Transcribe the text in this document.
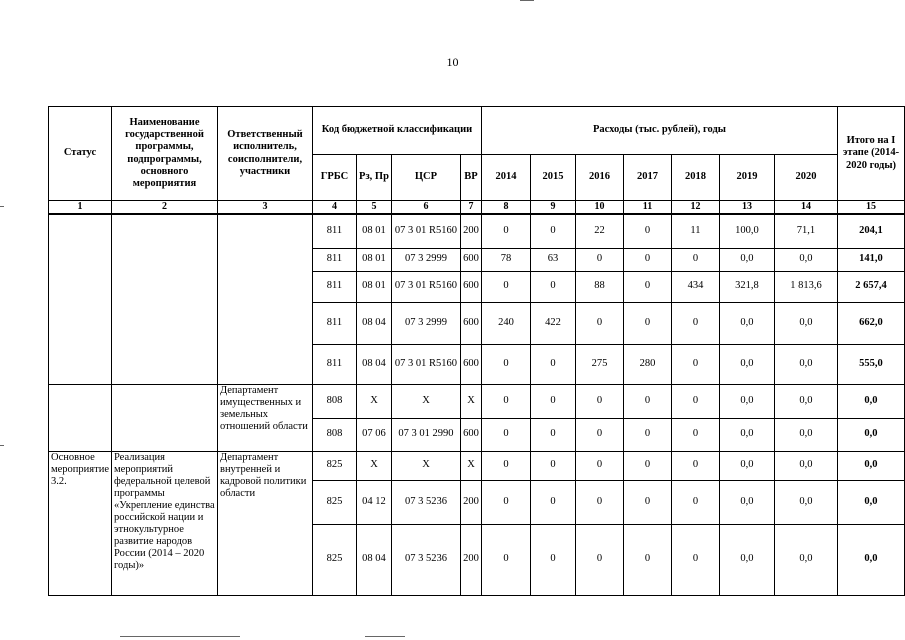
10
Статус	Наименование государственной программы, подпрограммы, основного мероприятия	Ответственный исполнитель, соисполнители, участники	Код бюджетной классификации				Расходы (тыс. рублей), годы							Итого на I этапе (2014-2020 годы)
			ГРБС	Рз, Пр	ЦСР	ВР	2014	2015	2016	2017	2018	2019	2020	
1	2	3	4	5	6	7	8	9	10	11	12	13	14	15
			811	08 01	07 3 01 R5160	200	0	0	22	0	11	100,0	71,1	204,1
			811	08 01	07 3 2999	600	78	63	0	0	0	0,0	0,0	141,0
			811	08 01	07 3 01 R5160	600	0	0	88	0	434	321,8	1 813,6	2 657,4
			811	08 04	07 3 2999	600	240	422	0	0	0	0,0	0,0	662,0
			811	08 04	07 3 01 R5160	600	0	0	275	280	0	0,0	0,0	555,0
		Департамент имущественных и земельных отношений области	808	X	X	X	0	0	0	0	0	0,0	0,0	0,0
			808	07 06	07 3 01 2990	600	0	0	0	0	0	0,0	0,0	0,0
Основное мероприятие 3.2.	Реализация мероприятий федеральной целевой программы «Укрепление единства российской нации и этнокультурное развитие народов России (2014 – 2020 годы)»	Департамент внутренней и кадровой политики области	825	X	X	X	0	0	0	0	0	0,0	0,0	0,0
			825	04 12	07 3 5236	200	0	0	0	0	0	0,0	0,0	0,0
			825	08 04	07 3 5236	200	0	0	0	0	0	0,0	0,0	0,0
